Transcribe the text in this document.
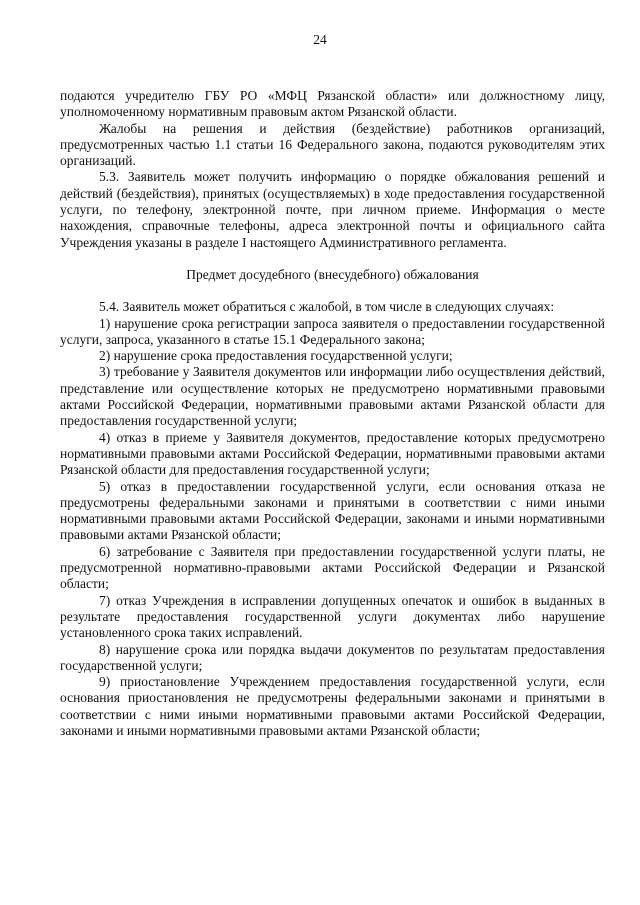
24

подаются учредителю ГБУ РО «МФЦ Рязанской области» или должностному лицу, уполномоченному нормативным правовым актом Рязанской области.

Жалобы на решения и действия (бездействие) работников организаций, предусмотренных частью 1.1 статьи 16 Федерального закона, подаются руководителям этих организаций.

5.3. Заявитель может получить информацию о порядке обжалования решений и действий (бездействия), принятых (осуществляемых) в ходе предоставления государственной услуги, по телефону, электронной почте, при личном приеме. Информация о месте нахождения, справочные телефоны, адреса электронной почты и официального сайта Учреждения указаны в разделе I настоящего Административного регламента.

Предмет досудебного (внесудебного) обжалования

5.4. Заявитель может обратиться с жалобой, в том числе в следующих случаях:

1) нарушение срока регистрации запроса заявителя о предоставлении государственной услуги, запроса, указанного в статье 15.1 Федерального закона;

2) нарушение срока предоставления государственной услуги;

3) требование у Заявителя документов или информации либо осуществления действий, представление или осуществление которых не предусмотрено нормативными правовыми актами Российской Федерации, нормативными правовыми актами Рязанской области для предоставления государственной услуги;

4) отказ в приеме у Заявителя документов, предоставление которых предусмотрено нормативными правовыми актами Российской Федерации, нормативными правовыми актами Рязанской области для предоставления государственной услуги;

5) отказ в предоставлении государственной услуги, если основания отказа не предусмотрены федеральными законами и принятыми в соответствии с ними иными нормативными правовыми актами Российской Федерации, законами и иными нормативными правовыми актами Рязанской области;

6) затребование с Заявителя при предоставлении государственной услуги платы, не предусмотренной нормативно-правовыми актами Российской Федерации и Рязанской области;

7) отказ Учреждения в исправлении допущенных опечаток и ошибок в выданных в результате предоставления государственной услуги документах либо нарушение установленного срока таких исправлений.

8) нарушение срока или порядка выдачи документов по результатам предоставления государственной услуги;

9) приостановление Учреждением предоставления государственной услуги, если основания приостановления не предусмотрены федеральными законами и принятыми в соответствии с ними иными нормативными правовыми актами Российской Федерации, законами и иными нормативными правовыми актами Рязанской области;
